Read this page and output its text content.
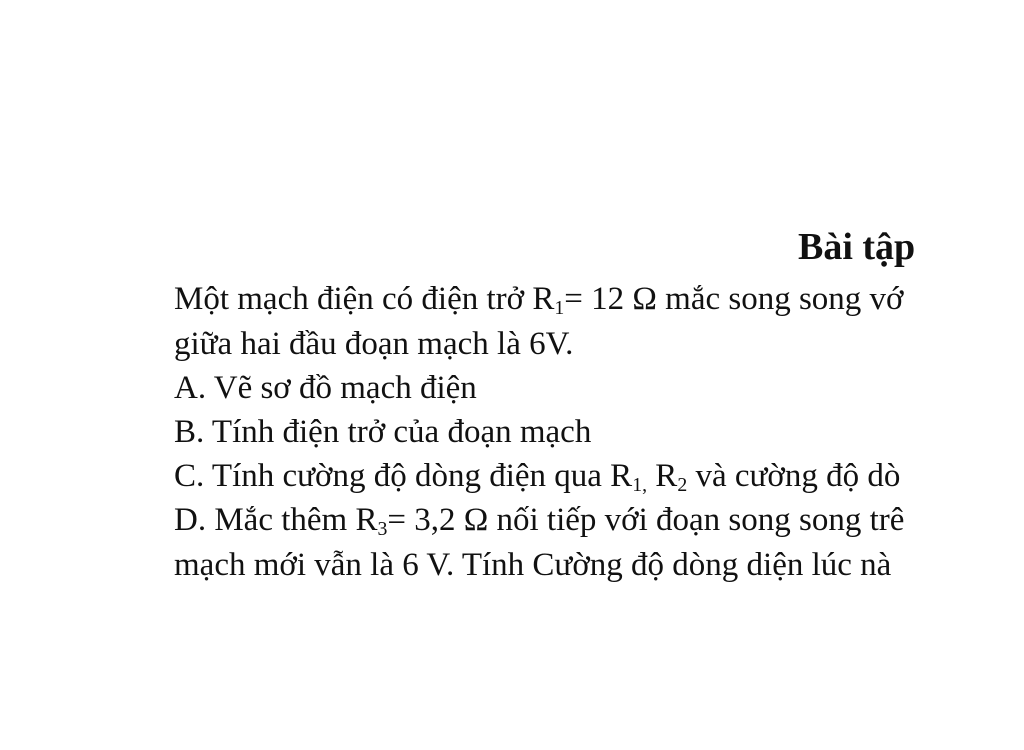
Bài tập
Một mạch điện có điện trở $R_1= 12$ Ω mắc song song vớ
giữa hai đầu đoạn mạch là 6V.
A. Vẽ sơ đồ mạch điện
B. Tính điện trở của đoạn mạch
C. Tính cường độ dòng điện qua $R_{1,}$ $R_2$ và cường độ dò
D. Mắc thêm $R_3= 3,2$ Ω nối tiếp với đoạn song song trê
mạch mới vẫn là 6 V. Tính Cường độ dòng diện lúc nà
